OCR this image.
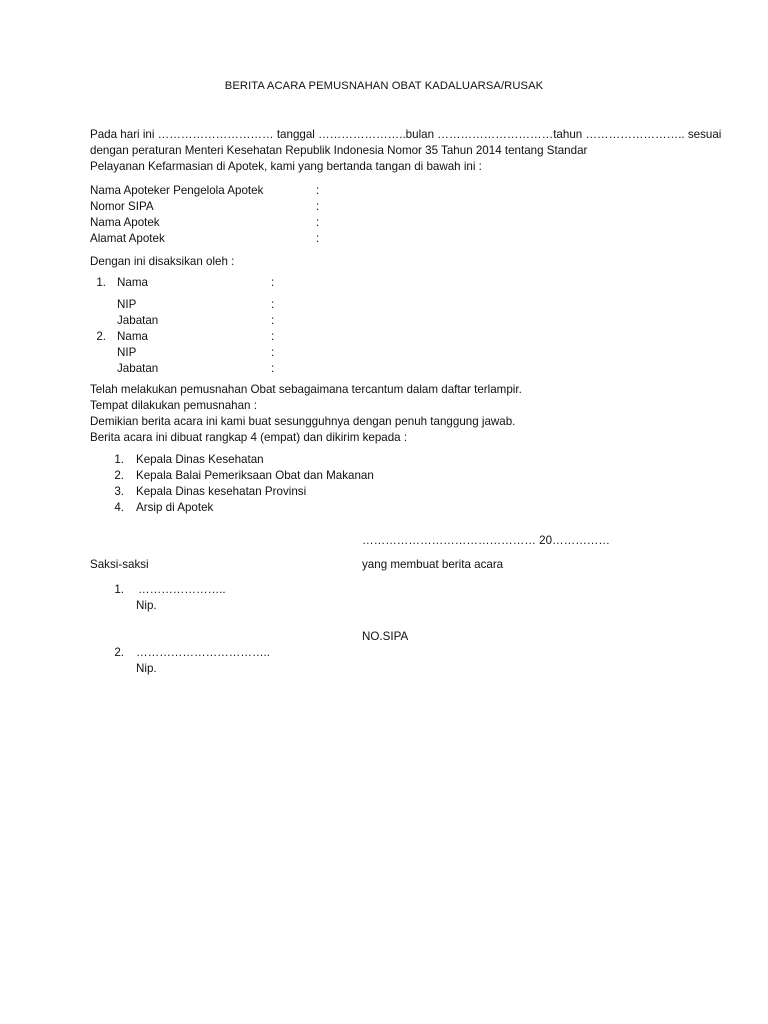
BERITA ACARA PEMUSNAHAN OBAT KADALUARSA/RUSAK
Pada hari ini ………………………… tanggal …………………..bulan …………………………tahun …………………….. sesuai
dengan peraturan Menteri Kesehatan Republik Indonesia Nomor 35 Tahun 2014 tentang Standar
Pelayanan Kefarmasian di Apotek, kami yang bertanda tangan di bawah ini :
Nama Apoteker Pengelola Apotek	:
Nomor SIPA	:
Nama Apotek	:
Alamat Apotek	:
Dengan ini disaksikan oleh :
1. Nama	:
NIP	:
Jabatan	:
2. Nama	:
NIP	:
Jabatan	:
Telah melakukan pemusnahan Obat sebagaimana tercantum dalam daftar terlampir.
Tempat dilakukan pemusnahan :
Demikian berita acara ini kami buat sesungguhnya dengan penuh tanggung jawab.
Berita acara ini dibuat rangkap 4 (empat) dan dikirim kepada :
1. Kepala Dinas Kesehatan
2. Kepala Balai Pemeriksaan Obat dan Makanan
3. Kepala Dinas kesehatan Provinsi
4. Arsip di Apotek
……………………………………… 20……………
Saksi-saksi	yang membuat berita acara
1. …………………..
Nip.
NO.SIPA
2. ……………………………..
Nip.
